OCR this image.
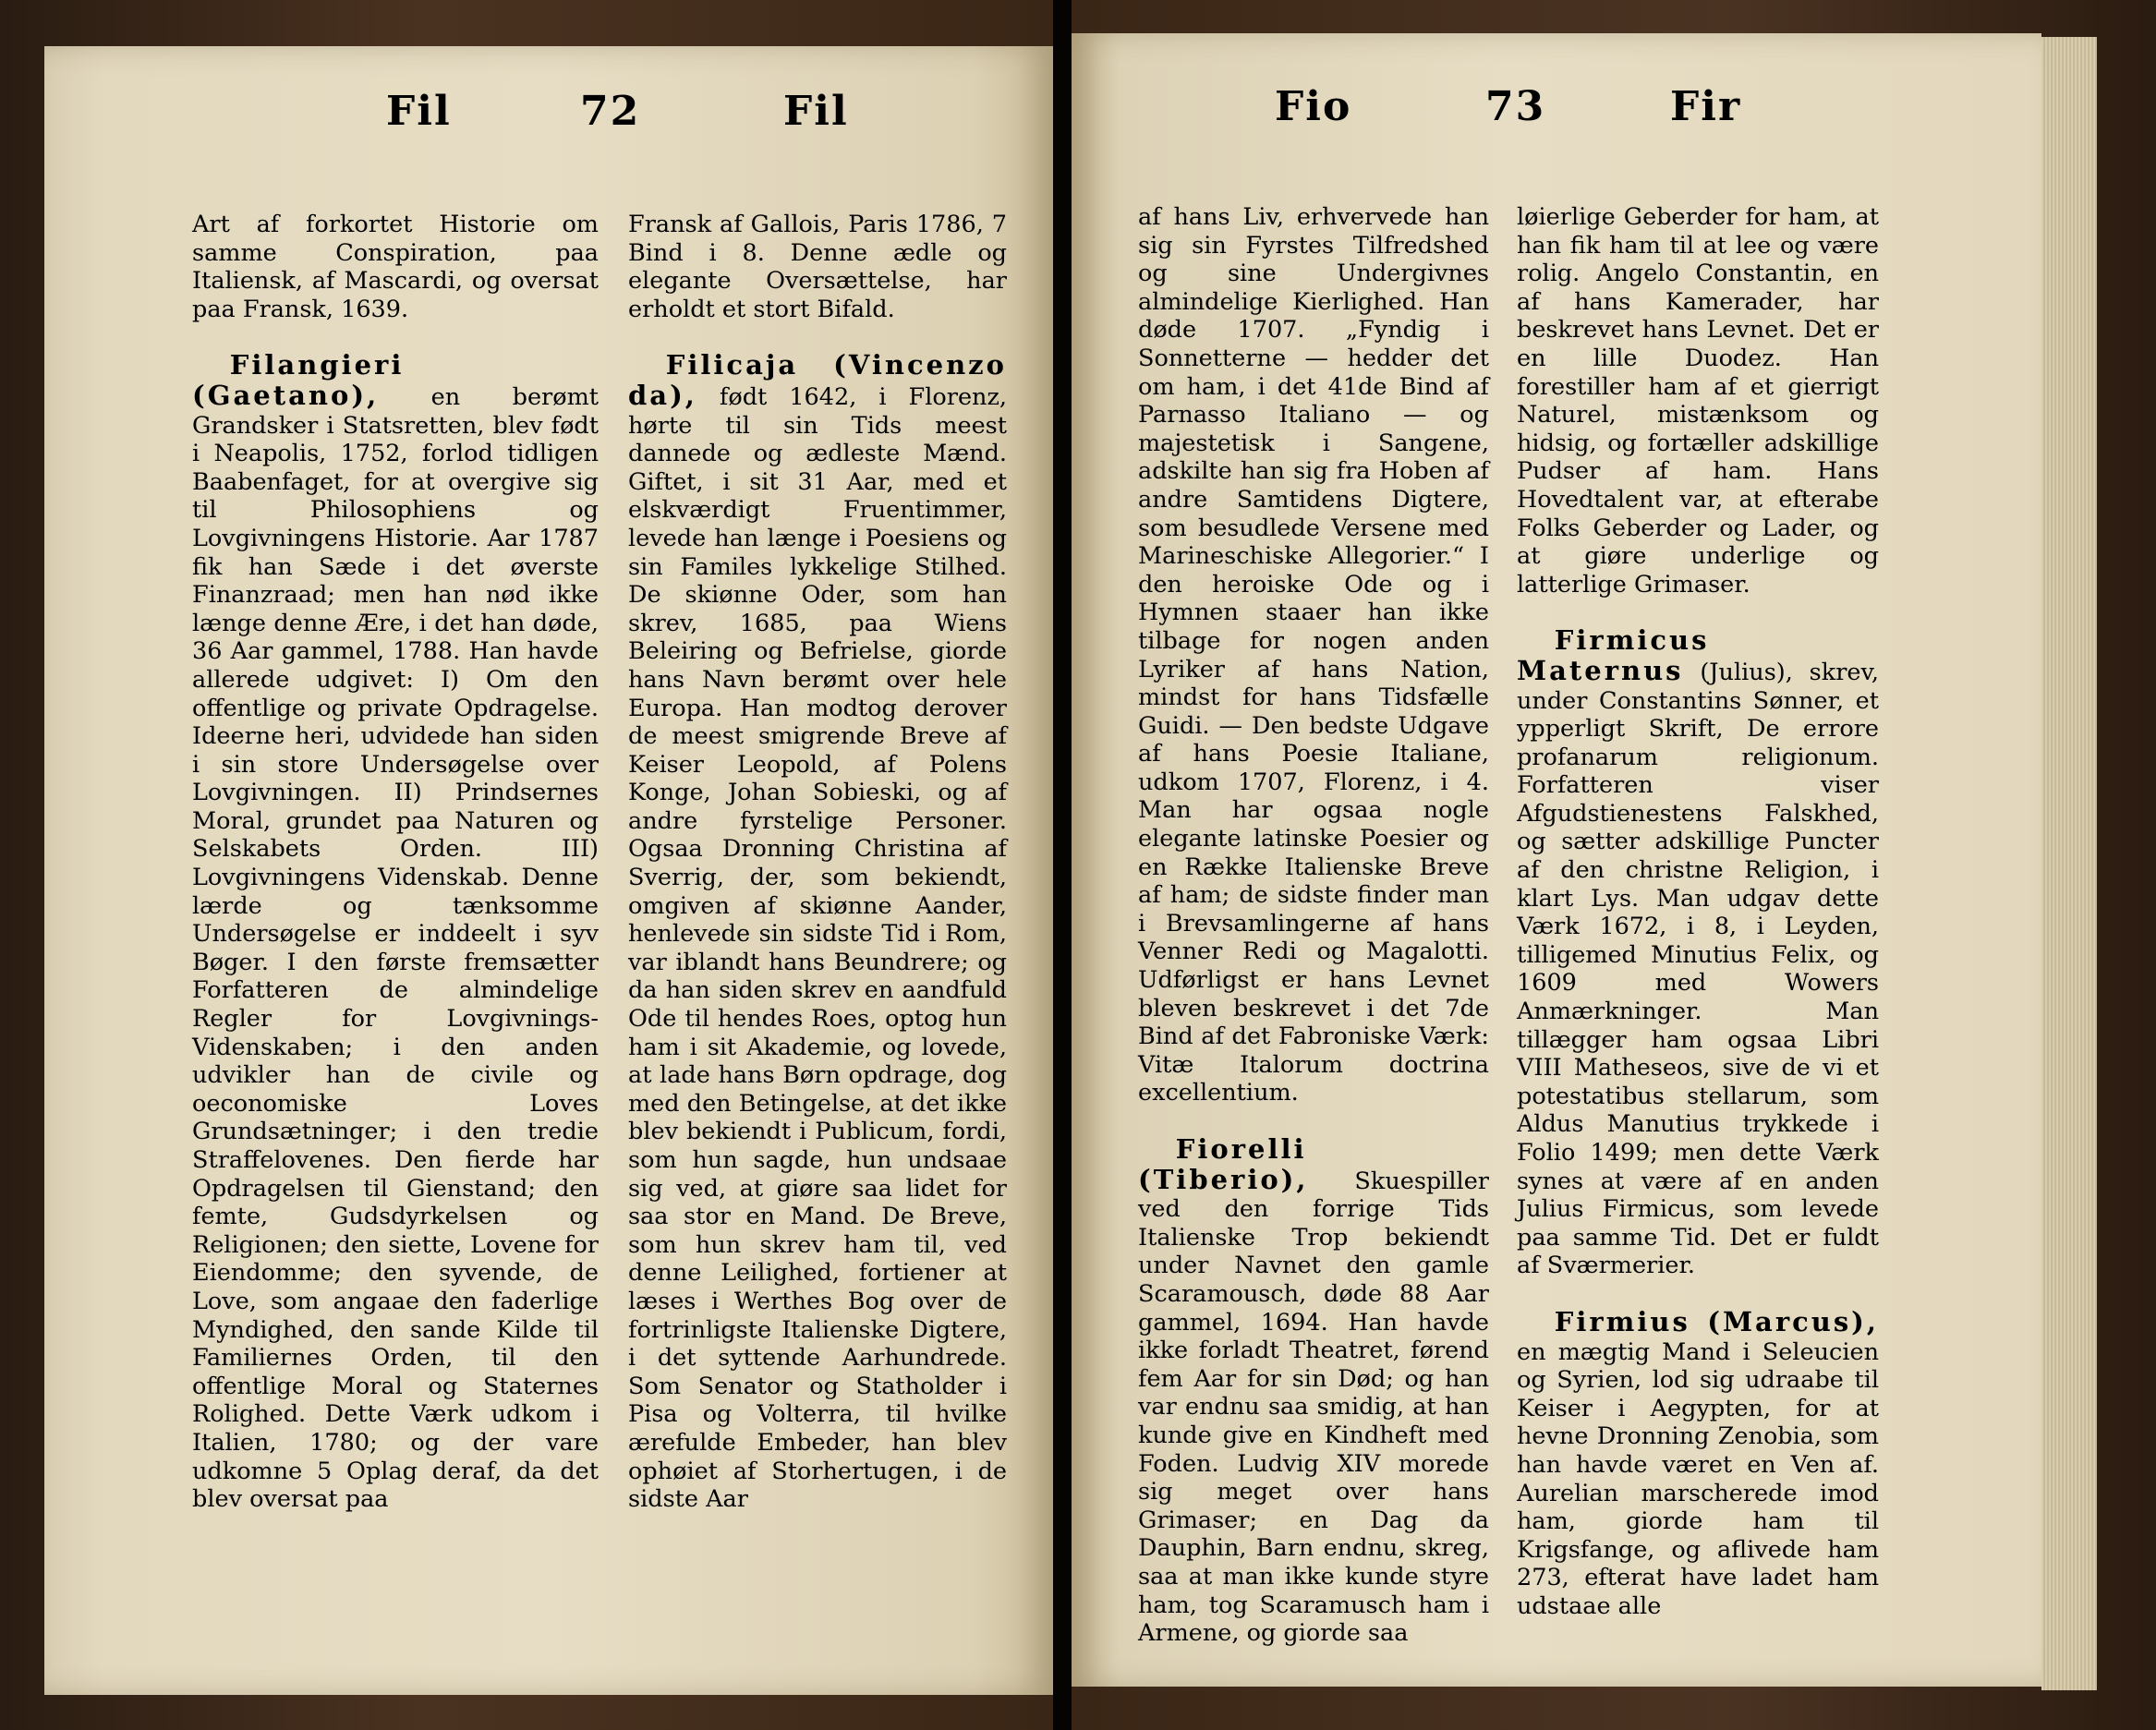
Fil	72	Fil	Fio	73	Fir

Art af forkortet Historie om samme Conspiration, paa Italiensk, af Mascardi, og oversat paa Fransk, 1639.

Filangieri (Gaetano), en berømt Grandsker i Statsretten, blev født i Neapolis, 1752, forlod tidligen Baabenfaget, for at overgive sig til Philosophiens og Lovgivningens Historie. Aar 1787 fik han Sæde i det øverste Finanzraad; men han nød ikke længe denne Ære, i det han døde, 36 Aar gammel, 1788. Han havde allerede udgivet: I) Om den offentlige og private Opdragelse. Ideerne heri, udvidede han siden i sin store Undersøgelse over Lovgivningen. II) Prindsernes Moral, grundet paa Naturen og Selskabets Orden. III) Lovgivningens Videnskab. Denne lærde og tænksomme Undersøgelse er inddeelt i syv Bøger. I den første fremsætter Forfatteren de almindelige Regler for Lovgivnings-Videnskaben; i den anden udvikler han de civile og oeconomiske Loves Grundsætninger; i den tredie Straffelovenes. Den fierde har Opdragelsen til Gienstand; den femte, Gudsdyrkelsen og Religionen; den siette, Lovene for Eiendomme; den syvende, de Love, som angaae den faderlige Myndighed, den sande Kilde til Familiernes Orden, til den offentlige Moral og Staternes Rolighed. Dette Værk udkom i Italien, 1780; og der vare udkomne 5 Oplag deraf, da det blev oversat paa

Fransk af Gallois, Paris 1786, 7 Bind i 8. Denne ædle og elegante Oversættelse, har erholdt et stort Bifald.

Filicaja (Vincenzo da), født 1642, i Florenz, hørte til sin Tids meest dannede og ædleste Mænd. Giftet, i sit 31 Aar, med et elskværdigt Fruentimmer, levede han længe i Poesiens og sin Familes lykkelige Stilhed. De skiønne Oder, som han skrev, 1685, paa Wiens Beleiring og Befrielse, giorde hans Navn berømt over hele Europa. Han modtog derover de meest smigrende Breve af Keiser Leopold, af Polens Konge, Johan Sobieski, og af andre fyrstelige Personer. Ogsaa Dronning Christina af Sverrig, der, som bekiendt, omgiven af skiønne Aander, henlevede sin sidste Tid i Rom, var iblandt hans Beundrere; og da han siden skrev en aandfuld Ode til hendes Roes, optog hun ham i sit Akademie, og lovede, at lade hans Børn opdrage, dog med den Betingelse, at det ikke blev bekiendt i Publicum, fordi, som hun sagde, hun undsaae sig ved, at giøre saa lidet for saa stor en Mand. De Breve, som hun skrev ham til, ved denne Leilighed, fortiener at læses i Werthes Bog over de fortrinligste Italienske Digtere, i det syttende Aarhundrede. Som Senator og Statholder i Pisa og Volterra, til hvilke ærefulde Embeder, han blev ophøiet af Storhertugen, i de sidste Aar

af hans Liv, erhvervede han sig sin Fyrstes Tilfredshed og sine Undergivnes almindelige Kierlighed. Han døde 1707. „Fyndig i Sonnetterne — hedder det om ham, i det 41de Bind af Parnasso Italiano — og majestetisk i Sangene, adskilte han sig fra Hoben af andre Samtidens Digtere, som besudlede Versene med Marineschiske Allegorier.“ I den heroiske Ode og i Hymnen staaer han ikke tilbage for nogen anden Lyriker af hans Nation, mindst for hans Tidsfælle Guidi. — Den bedste Udgave af hans Poesie Italiane, udkom 1707, Florenz, i 4. Man har ogsaa nogle elegante latinske Poesier og en Række Italienske Breve af ham; de sidste finder man i Brevsamlingerne af hans Venner Redi og Magalotti. Udførligst er hans Levnet bleven beskrevet i det 7de Bind af det Fabroniske Værk: Vitæ Italorum doctrina excellentium.

Fiorelli (Tiberio), Skuespiller ved den forrige Tids Italienske Trop bekiendt under Navnet den gamle Scaramousch, døde 88 Aar gammel, 1694. Han havde ikke forladt Theatret, førend fem Aar for sin Død; og han var endnu saa smidig, at han kunde give en Kindheft med Foden. Ludvig XIV morede sig meget over hans Grimaser; en Dag da Dauphin, Barn endnu, skreg, saa at man ikke kunde styre ham, tog Scaramusch ham i Armene, og giorde saa

løierlige Geberder for ham, at han fik ham til at lee og være rolig. Angelo Constantin, en af hans Kamerader, har beskrevet hans Levnet. Det er en lille Duodez. Han forestiller ham af et gierrigt Naturel, mistænksom og hidsig, og fortæller adskillige Pudser af ham. Hans Hovedtalent var, at efterabe Folks Geberder og Lader, og at giøre underlige og latterlige Grimaser.

Firmicus Maternus (Julius), skrev, under Constantins Sønner, et ypperligt Skrift, De errore profanarum religionum. Forfatteren viser Afgudstienestens Falskhed, og sætter adskillige Puncter af den christne Religion, i klart Lys. Man udgav dette Værk 1672, i 8, i Leyden, tilligemed Minutius Felix, og 1609 med Wowers Anmærkninger. Man tillægger ham ogsaa Libri VIII Matheseos, sive de vi et potestatibus stellarum, som Aldus Manutius trykkede i Folio 1499; men dette Værk synes at være af en anden Julius Firmicus, som levede paa samme Tid. Det er fuldt af Sværmerier.

Firmius (Marcus), en mægtig Mand i Seleucien og Syrien, lod sig udraabe til Keiser i Aegypten, for at hevne Dronning Zenobia, som han havde været en Ven af. Aurelian marscherede imod ham, giorde ham til Krigsfange, og aflivede ham 273, efterat have ladet ham udstaae alle
